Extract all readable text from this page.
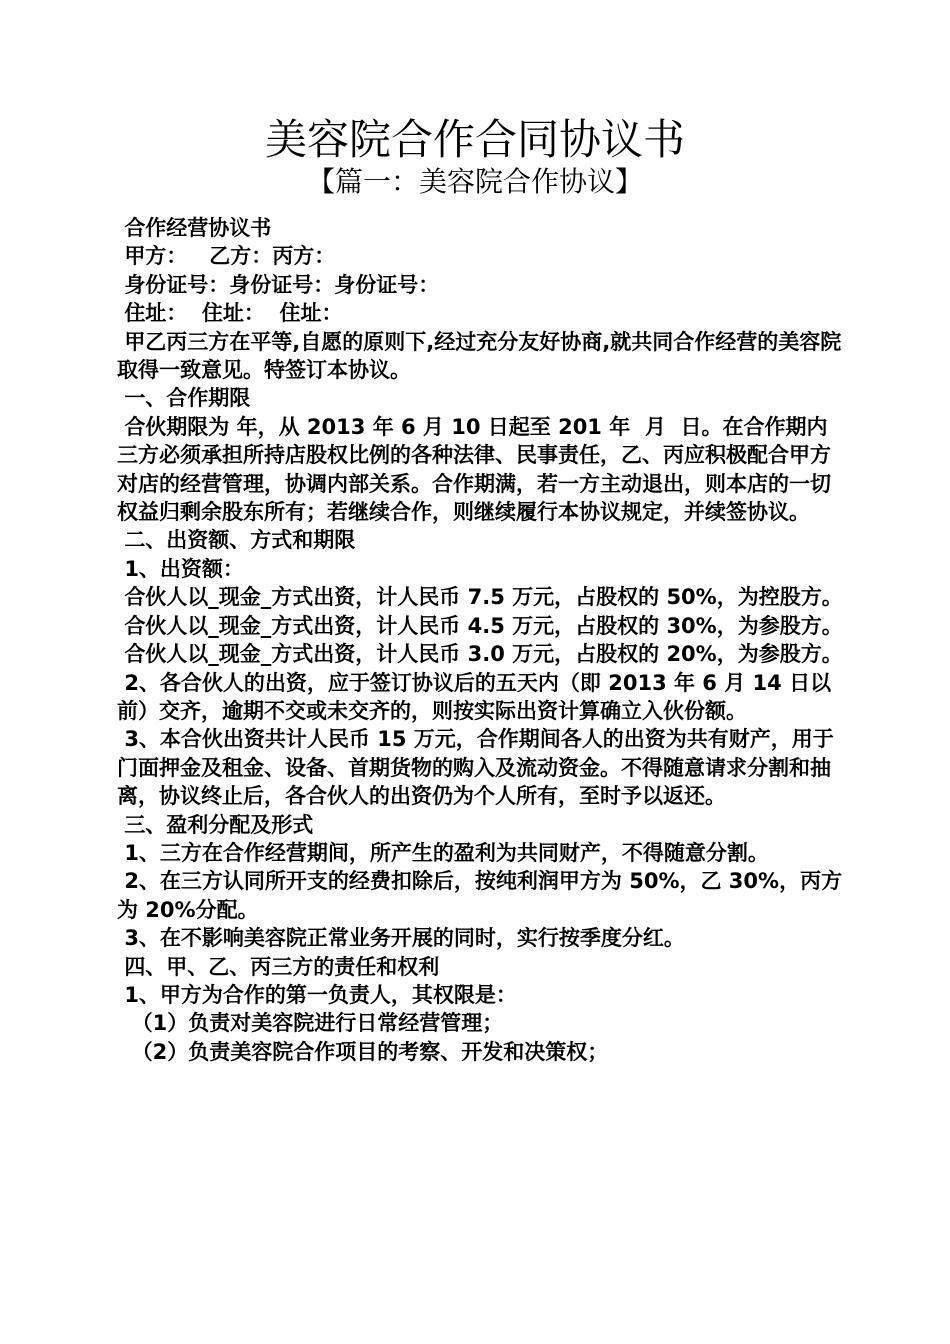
美容院合作合同协议书
【篇一：美容院合作协议】

合作经营协议书

甲方：   乙方：丙方：

身份证号：身份证号：身份证号：

住址：  住址：  住址：

甲乙丙三方在平等,自愿的原则下,经过充分友好协商,就共同合作经营的美容院取得一致意见。特签订本协议。

一、合作期限

合伙期限为 年，从 2013 年 6 月 10 日起至 201 年  月  日。在合作期内三方必须承担所持店股权比例的各种法律、民事责任，乙、丙应积极配合甲方对店的经营管理，协调内部关系。合作期满，若一方主动退出，则本店的一切权益归剩余股东所有；若继续合作，则继续履行本协议规定，并续签协议。

二、出资额、方式和期限

1、出资额：

合伙人以_现金_方式出资，计人民币 7.5 万元，占股权的 50%，为控股方。

合伙人以_现金_方式出资，计人民币 4.5 万元，占股权的 30%，为参股方。

合伙人以_现金_方式出资，计人民币 3.0 万元，占股权的 20%，为参股方。

2、各合伙人的出资，应于签订协议后的五天内（即 2013 年 6 月 14 日以前）交齐，逾期不交或未交齐的，则按实际出资计算确立入伙份额。

3、本合伙出资共计人民币 15 万元，合作期间各人的出资为共有财产，用于门面押金及租金、设备、首期货物的购入及流动资金。不得随意请求分割和抽离，协议终止后，各合伙人的出资仍为个人所有，至时予以返还。

三、盈利分配及形式

1、三方在合作经营期间，所产生的盈利为共同财产，不得随意分割。

2、在三方认同所开支的经费扣除后，按纯利润甲方为 50%，乙 30%，丙方为 20%分配。

3、在不影响美容院正常业务开展的同时，实行按季度分红。

四、甲、乙、丙三方的责任和权利

1、甲方为合作的第一负责人，其权限是：

（1）负责对美容院进行日常经营管理；

（2）负责美容院合作项目的考察、开发和决策权；
